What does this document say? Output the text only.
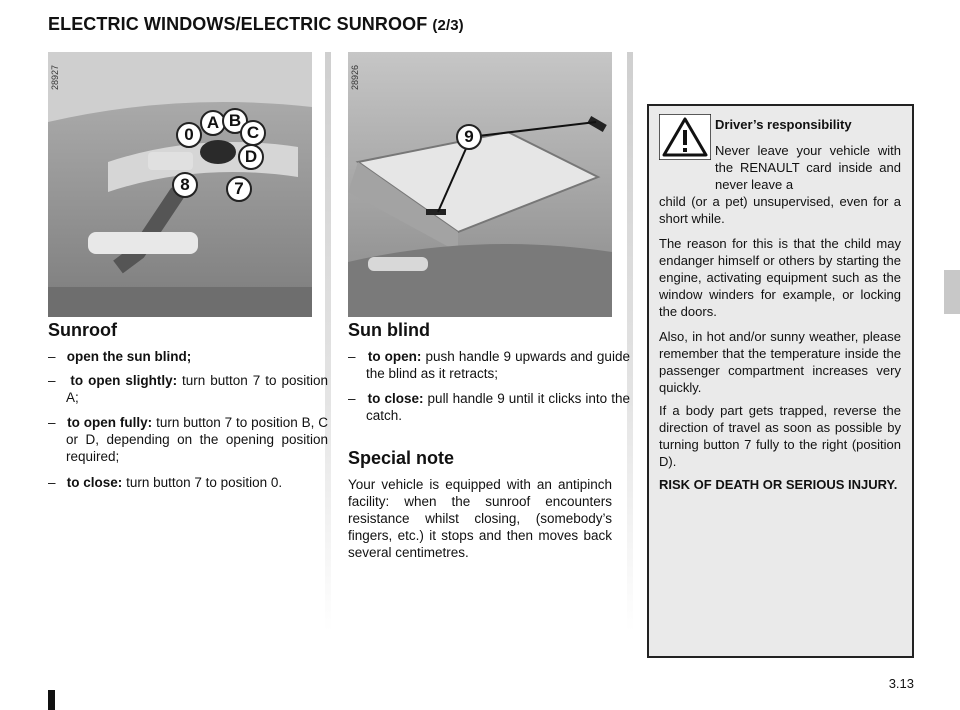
ELECTRIC WINDOWS/ELECTRIC SUNROOF (2/3)
28927
0
A B
C
D
8	7
28926
9
Sunroof
– open the sun blind;
– to open slightly: turn button 7 to position A;
– to open fully: turn button 7 to position B, C or D, depending on the opening position required;
– to close: turn button 7 to position 0.
Sun blind
– to open: push handle 9 upwards and guide the blind as it retracts;
– to close: pull handle 9 until it clicks into the catch.
Special note
Your vehicle is equipped with an antipinch facility: when the sunroof encounters resistance whilst closing, (somebody’s fingers, etc.) it stops and then moves back several centimetres.
Driver’s responsibility
Never leave your vehicle with the RENAULT card inside and never leave a
child (or a pet) unsupervised, even for a short while.
The reason for this is that the child may endanger himself or others by starting the engine, activating equipment such as the window winders for example, or locking the doors.
Also, in hot and/or sunny weather, please remember that the temperature inside the passenger compartment increases very quickly.
If a body part gets trapped, reverse the direction of travel as soon as possible by turning button 7 fully to the right (position D).
RISK OF DEATH OR SERIOUS INJURY.
3.13
